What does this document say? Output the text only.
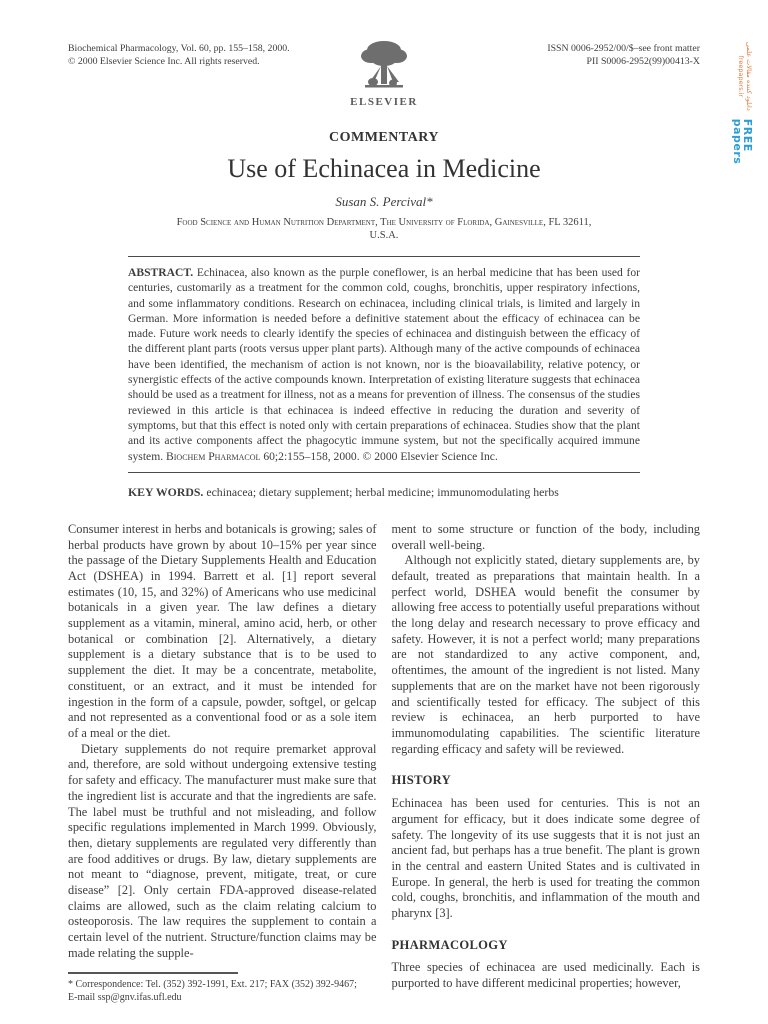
Biochemical Pharmacology, Vol. 60, pp. 155–158, 2000.
© 2000 Elsevier Science Inc. All rights reserved.
ELSEVIER
ISSN 0006-2952/00/$–see front matter
PII S0006-2952(99)00413-X
COMMENTARY
Use of Echinacea in Medicine
Susan S. Percival*
Food Science and Human Nutrition Department, The University of Florida, Gainesville, FL 32611,
U.S.A.

ABSTRACT. Echinacea, also known as the purple coneflower, is an herbal medicine that has been used for centuries, customarily as a treatment for the common cold, coughs, bronchitis, upper respiratory infections, and some inflammatory conditions. Research on echinacea, including clinical trials, is limited and largely in German. More information is needed before a definitive statement about the efficacy of echinacea can be made. Future work needs to clearly identify the species of echinacea and distinguish between the efficacy of the different plant parts (roots versus upper plant parts). Although many of the active compounds of echinacea have been identified, the mechanism of action is not known, nor is the bioavailability, relative potency, or synergistic effects of the active compounds known. Interpretation of existing literature suggests that echinacea should be used as a treatment for illness, not as a means for prevention of illness. The consensus of the studies reviewed in this article is that echinacea is indeed effective in reducing the duration and severity of symptoms, but that this effect is noted only with certain preparations of echinacea. Studies show that the plant and its active components affect the phagocytic immune system, but not the specifically acquired immune system. Biochem Pharmacol 60;2:155–158, 2000. © 2000 Elsevier Science Inc.

KEY WORDS. echinacea; dietary supplement; herbal medicine; immunomodulating herbs

Consumer interest in herbs and botanicals is growing; sales of herbal products have grown by about 10–15% per year since the passage of the Dietary Supplements Health and Education Act (DSHEA) in 1994. Barrett et al. [1] report several estimates (10, 15, and 32%) of Americans who use medicinal botanicals in a given year. The law defines a dietary supplement as a vitamin, mineral, amino acid, herb, or other botanical or combination [2]. Alternatively, a dietary supplement is a dietary substance that is to be used to supplement the diet. It may be a concentrate, metabolite, constituent, or an extract, and it must be intended for ingestion in the form of a capsule, powder, softgel, or gelcap and not represented as a conventional food or as a sole item of a meal or the diet.

Dietary supplements do not require premarket approval and, therefore, are sold without undergoing extensive testing for safety and efficacy. The manufacturer must make sure that the ingredient list is accurate and that the ingredients are safe. The label must be truthful and not misleading, and follow specific regulations implemented in March 1999. Obviously, then, dietary supplements are regulated very differently than are food additives or drugs. By law, dietary supplements are not meant to “diagnose, prevent, mitigate, treat, or cure disease” [2]. Only certain FDA-approved disease-related claims are allowed, such as the claim relating calcium to osteoporosis. The law requires the supplement to contain a certain level of the nutrient. Structure/function claims may be made relating the supple-

* Correspondence: Tel. (352) 392-1991, Ext. 217; FAX (352) 392-9467;
E-mail ssp@gnv.ifas.ufl.edu

ment to some structure or function of the body, including overall well-being.

Although not explicitly stated, dietary supplements are, by default, treated as preparations that maintain health. In a perfect world, DSHEA would benefit the consumer by allowing free access to potentially useful preparations without the long delay and research necessary to prove efficacy and safety. However, it is not a perfect world; many preparations are not standardized to any active component, and, oftentimes, the amount of the ingredient is not listed. Many supplements that are on the market have not been rigorously and scientifically tested for efficacy. The subject of this review is echinacea, an herb purported to have immunomodulating capabilities. The scientific literature regarding efficacy and safety will be reviewed.

HISTORY

Echinacea has been used for centuries. This is not an argument for efficacy, but it does indicate some degree of safety. The longevity of its use suggests that it is not just an ancient fad, but perhaps has a true benefit. The plant is grown in the central and eastern United States and is cultivated in Europe. In general, the herb is used for treating the common cold, coughs, bronchitis, and inflammation of the mouth and pharynx [3].

PHARMACOLOGY

Three species of echinacea are used medicinally. Each is purported to have different medicinal properties; however,

دانلود کننده مقالات علمی
freepapers.ir
FREE
papers
